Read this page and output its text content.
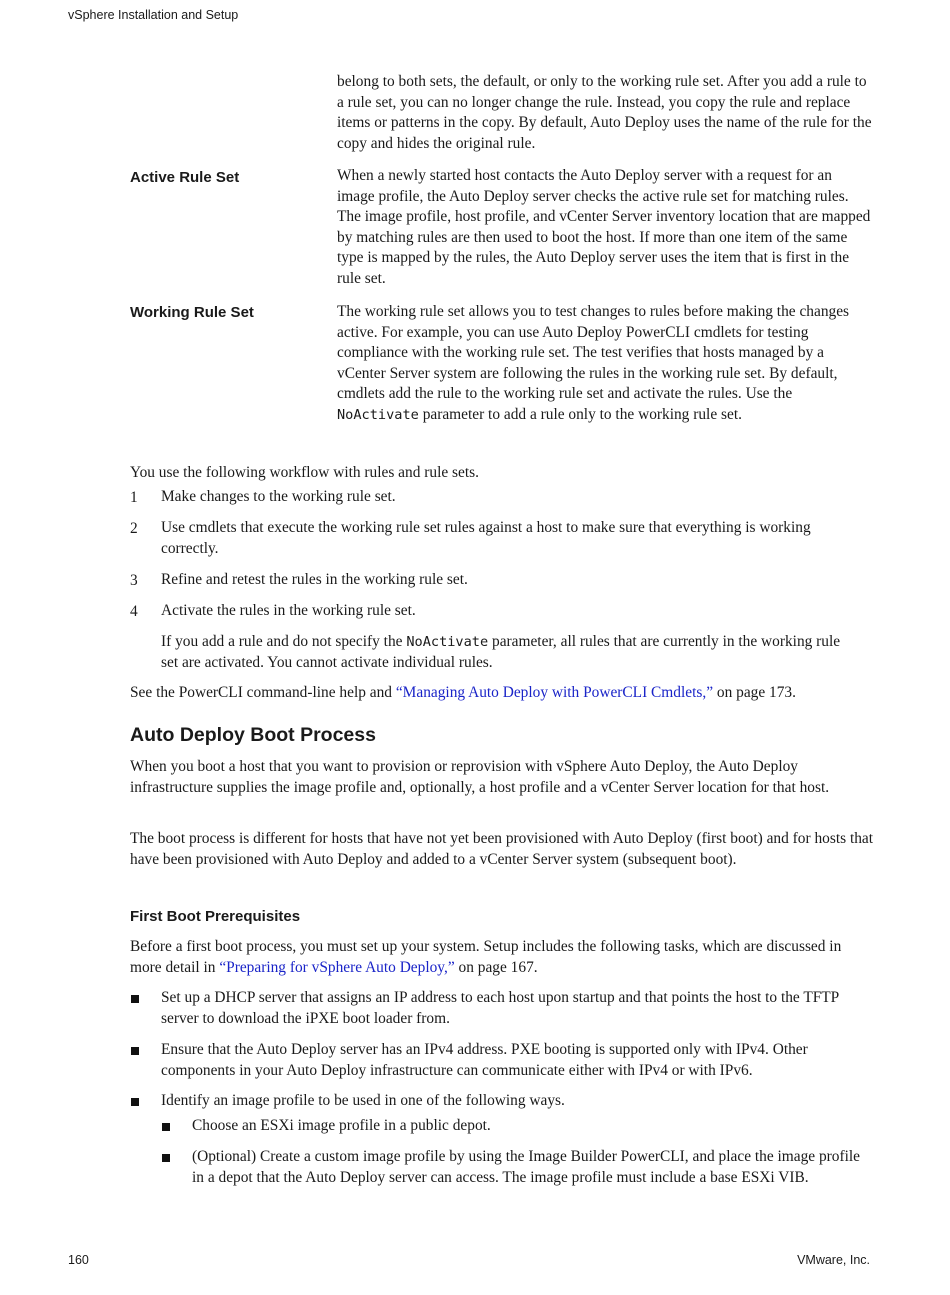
vSphere Installation and Setup

belong to both sets, the default, or only to the working rule set. After you add a rule to a rule set, you can no longer change the rule. Instead, you copy the rule and replace items or patterns in the copy. By default, Auto Deploy uses the name of the rule for the copy and hides the original rule.

Active Rule Set	When a newly started host contacts the Auto Deploy server with a request for an image profile, the Auto Deploy server checks the active rule set for matching rules. The image profile, host profile, and vCenter Server inventory location that are mapped by matching rules are then used to boot the host. If more than one item of the same type is mapped by the rules, the Auto Deploy server uses the item that is first in the rule set.

Working Rule Set	The working rule set allows you to test changes to rules before making the changes active. For example, you can use Auto Deploy PowerCLI cmdlets for testing compliance with the working rule set. The test verifies that hosts managed by a vCenter Server system are following the rules in the working rule set. By default, cmdlets add the rule to the working rule set and activate the rules. Use the NoActivate parameter to add a rule only to the working rule set.

You use the following workflow with rules and rule sets.

1 Make changes to the working rule set.

2 Use cmdlets that execute the working rule set rules against a host to make sure that everything is working correctly.

3 Refine and retest the rules in the working rule set.

4 Activate the rules in the working rule set.

If you add a rule and do not specify the NoActivate parameter, all rules that are currently in the working rule set are activated. You cannot activate individual rules.

See the PowerCLI command-line help and “Managing Auto Deploy with PowerCLI Cmdlets,” on page 173.

Auto Deploy Boot Process

When you boot a host that you want to provision or reprovision with vSphere Auto Deploy, the Auto Deploy infrastructure supplies the image profile and, optionally, a host profile and a vCenter Server location for that host.

The boot process is different for hosts that have not yet been provisioned with Auto Deploy (first boot) and for hosts that have been provisioned with Auto Deploy and added to a vCenter Server system (subsequent boot).

First Boot Prerequisites

Before a first boot process, you must set up your system. Setup includes the following tasks, which are discussed in more detail in “Preparing for vSphere Auto Deploy,” on page 167.

Set up a DHCP server that assigns an IP address to each host upon startup and that points the host to the TFTP server to download the iPXE boot loader from.

Ensure that the Auto Deploy server has an IPv4 address. PXE booting is supported only with IPv4. Other components in your Auto Deploy infrastructure can communicate either with IPv4 or with IPv6.

Identify an image profile to be used in one of the following ways.

Choose an ESXi image profile in a public depot.

(Optional) Create a custom image profile by using the Image Builder PowerCLI, and place the image profile in a depot that the Auto Deploy server can access. The image profile must include a base ESXi VIB.

160	VMware, Inc.
